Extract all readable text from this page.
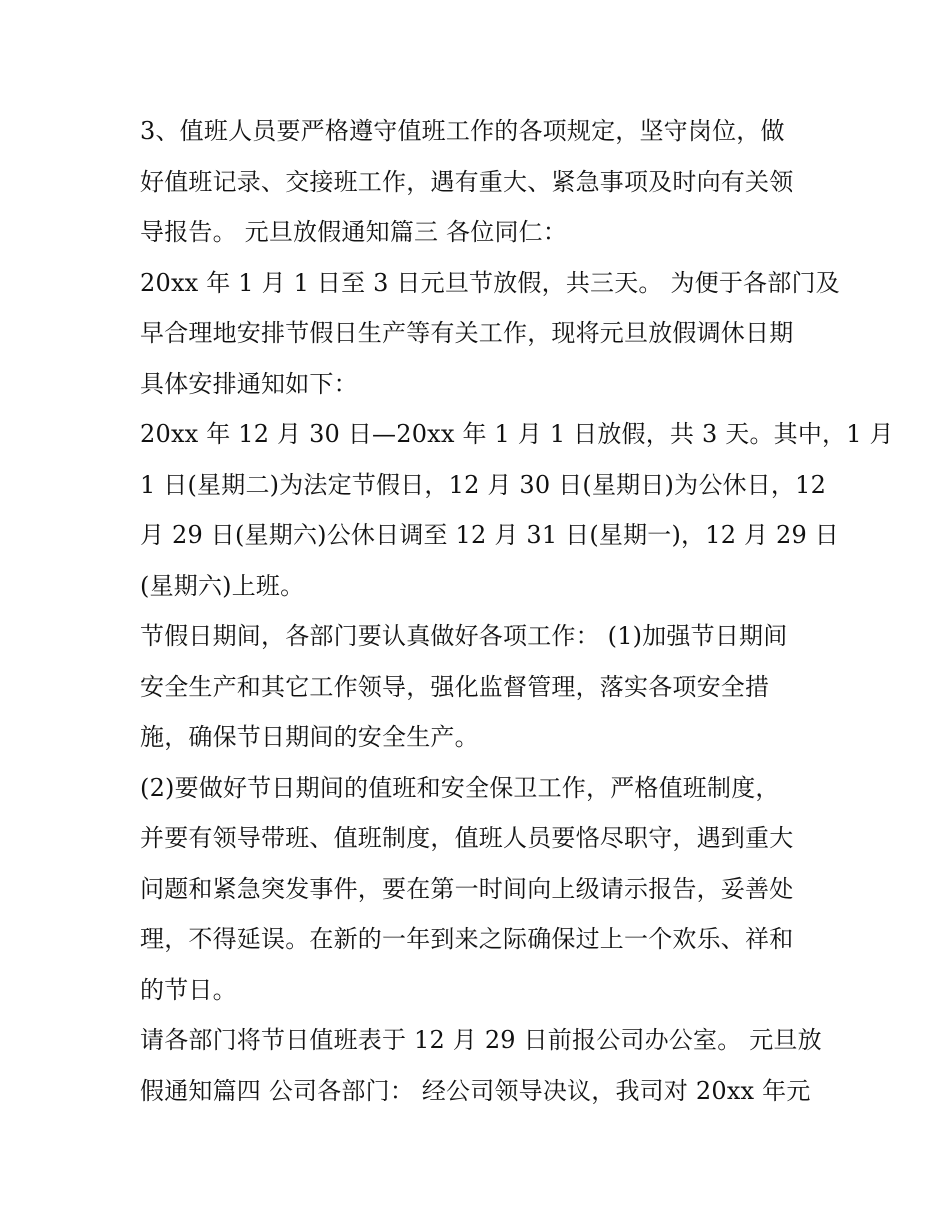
3、值班人员要严格遵守值班工作的各项规定，坚守岗位，做
好值班记录、交接班工作，遇有重大、紧急事项及时向有关领
导报告。 元旦放假通知篇三 各位同仁：
20xx 年 1 月 1 日至 3 日元旦节放假，共三天。 为便于各部门及
早合理地安排节假日生产等有关工作，现将元旦放假调休日期
具体安排通知如下：
20xx 年 12 月 30 日—20xx 年 1 月 1 日放假，共 3 天。其中，1 月
1 日(星期二)为法定节假日，12 月 30 日(星期日)为公休日，12
月 29 日(星期六)公休日调至 12 月 31 日(星期一)，12 月 29 日
(星期六)上班。
节假日期间，各部门要认真做好各项工作： (1)加强节日期间
安全生产和其它工作领导，强化监督管理，落实各项安全措
施，确保节日期间的安全生产。
(2)要做好节日期间的值班和安全保卫工作，严格值班制度，
并要有领导带班、值班制度，值班人员要恪尽职守，遇到重大
问题和紧急突发事件，要在第一时间向上级请示报告，妥善处
理，不得延误。在新的一年到来之际确保过上一个欢乐、祥和
的节日。
请各部门将节日值班表于 12 月 29 日前报公司办公室。 元旦放
假通知篇四 公司各部门： 经公司领导决议，我司对 20xx 年元
